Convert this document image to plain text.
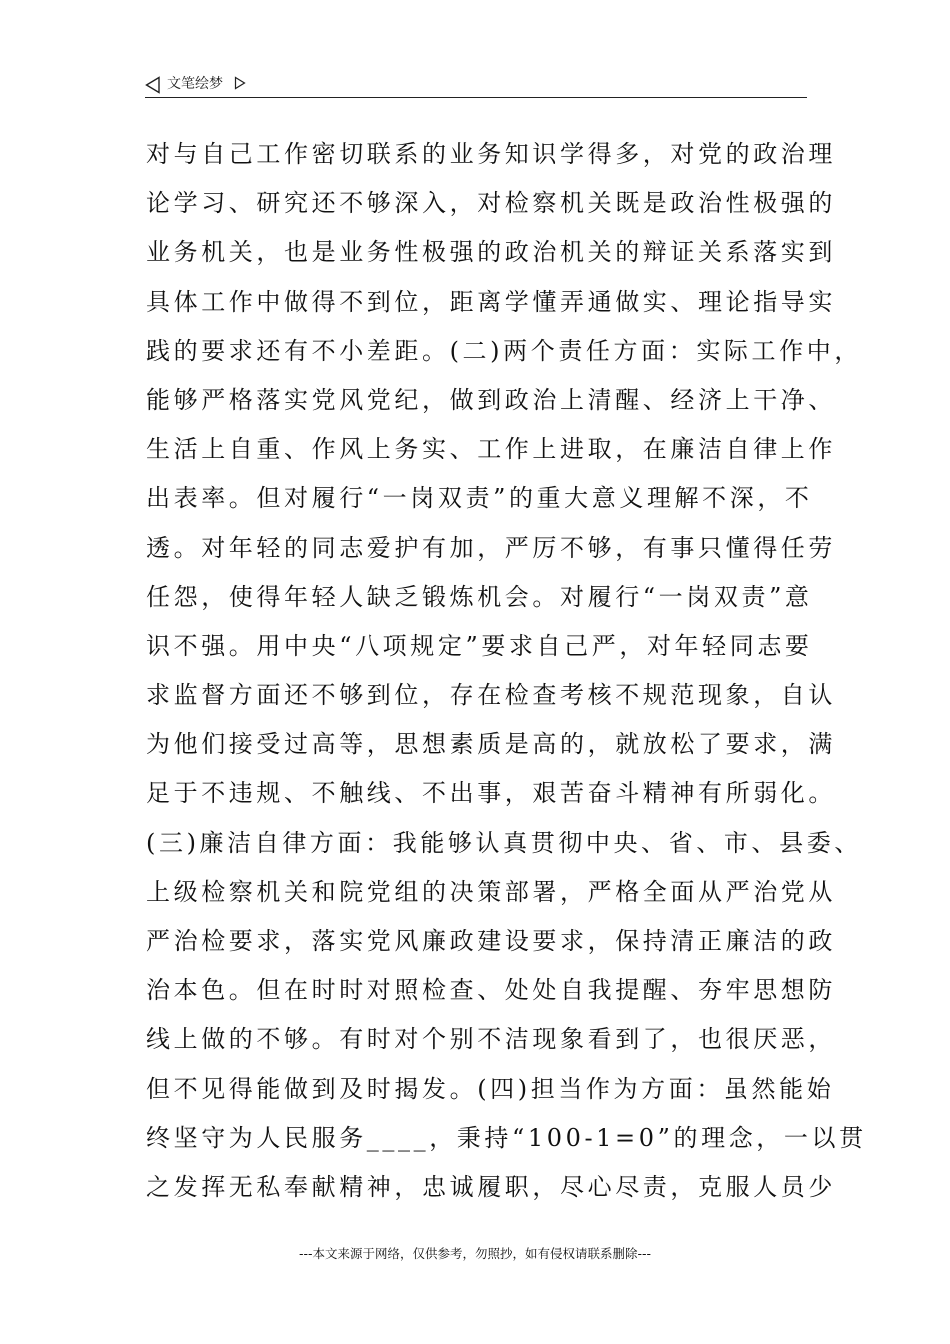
文笔绘梦
对与自己工作密切联系的业务知识学得多，对党的政治理
论学习、研究还不够深入，对检察机关既是政治性极强的
业务机关，也是业务性极强的政治机关的辩证关系落实到
具体工作中做得不到位，距离学懂弄通做实、理论指导实
践的要求还有不小差距。(二)两个责任方面：实际工作中，
能够严格落实党风党纪，做到政治上清醒、经济上干净、
生活上自重、作风上务实、工作上进取，在廉洁自律上作
出表率。但对履行“一岗双责”的重大意义理解不深，不
透。对年轻的同志爱护有加，严厉不够，有事只懂得任劳
任怨，使得年轻人缺乏锻炼机会。对履行“一岗双责”意
识不强。用中央“八项规定”要求自己严，对年轻同志要
求监督方面还不够到位，存在检查考核不规范现象，自认
为他们接受过高等，思想素质是高的，就放松了要求，满
足于不违规、不触线、不出事，艰苦奋斗精神有所弱化。
(三)廉洁自律方面：我能够认真贯彻中央、省、市、县委、
上级检察机关和院党组的决策部署，严格全面从严治党从
严治检要求，落实党风廉政建设要求，保持清正廉洁的政
治本色。但在时时对照检查、处处自我提醒、夯牢思想防
线上做的不够。有时对个别不洁现象看到了，也很厌恶，
但不见得能做到及时揭发。(四)担当作为方面：虽然能始
终坚守为人民服务____，秉持“100-1=0”的理念，一以贯
之发挥无私奉献精神，忠诚履职，尽心尽责，克服人员少
---本文来源于网络，仅供参考，勿照抄，如有侵权请联系删除---
